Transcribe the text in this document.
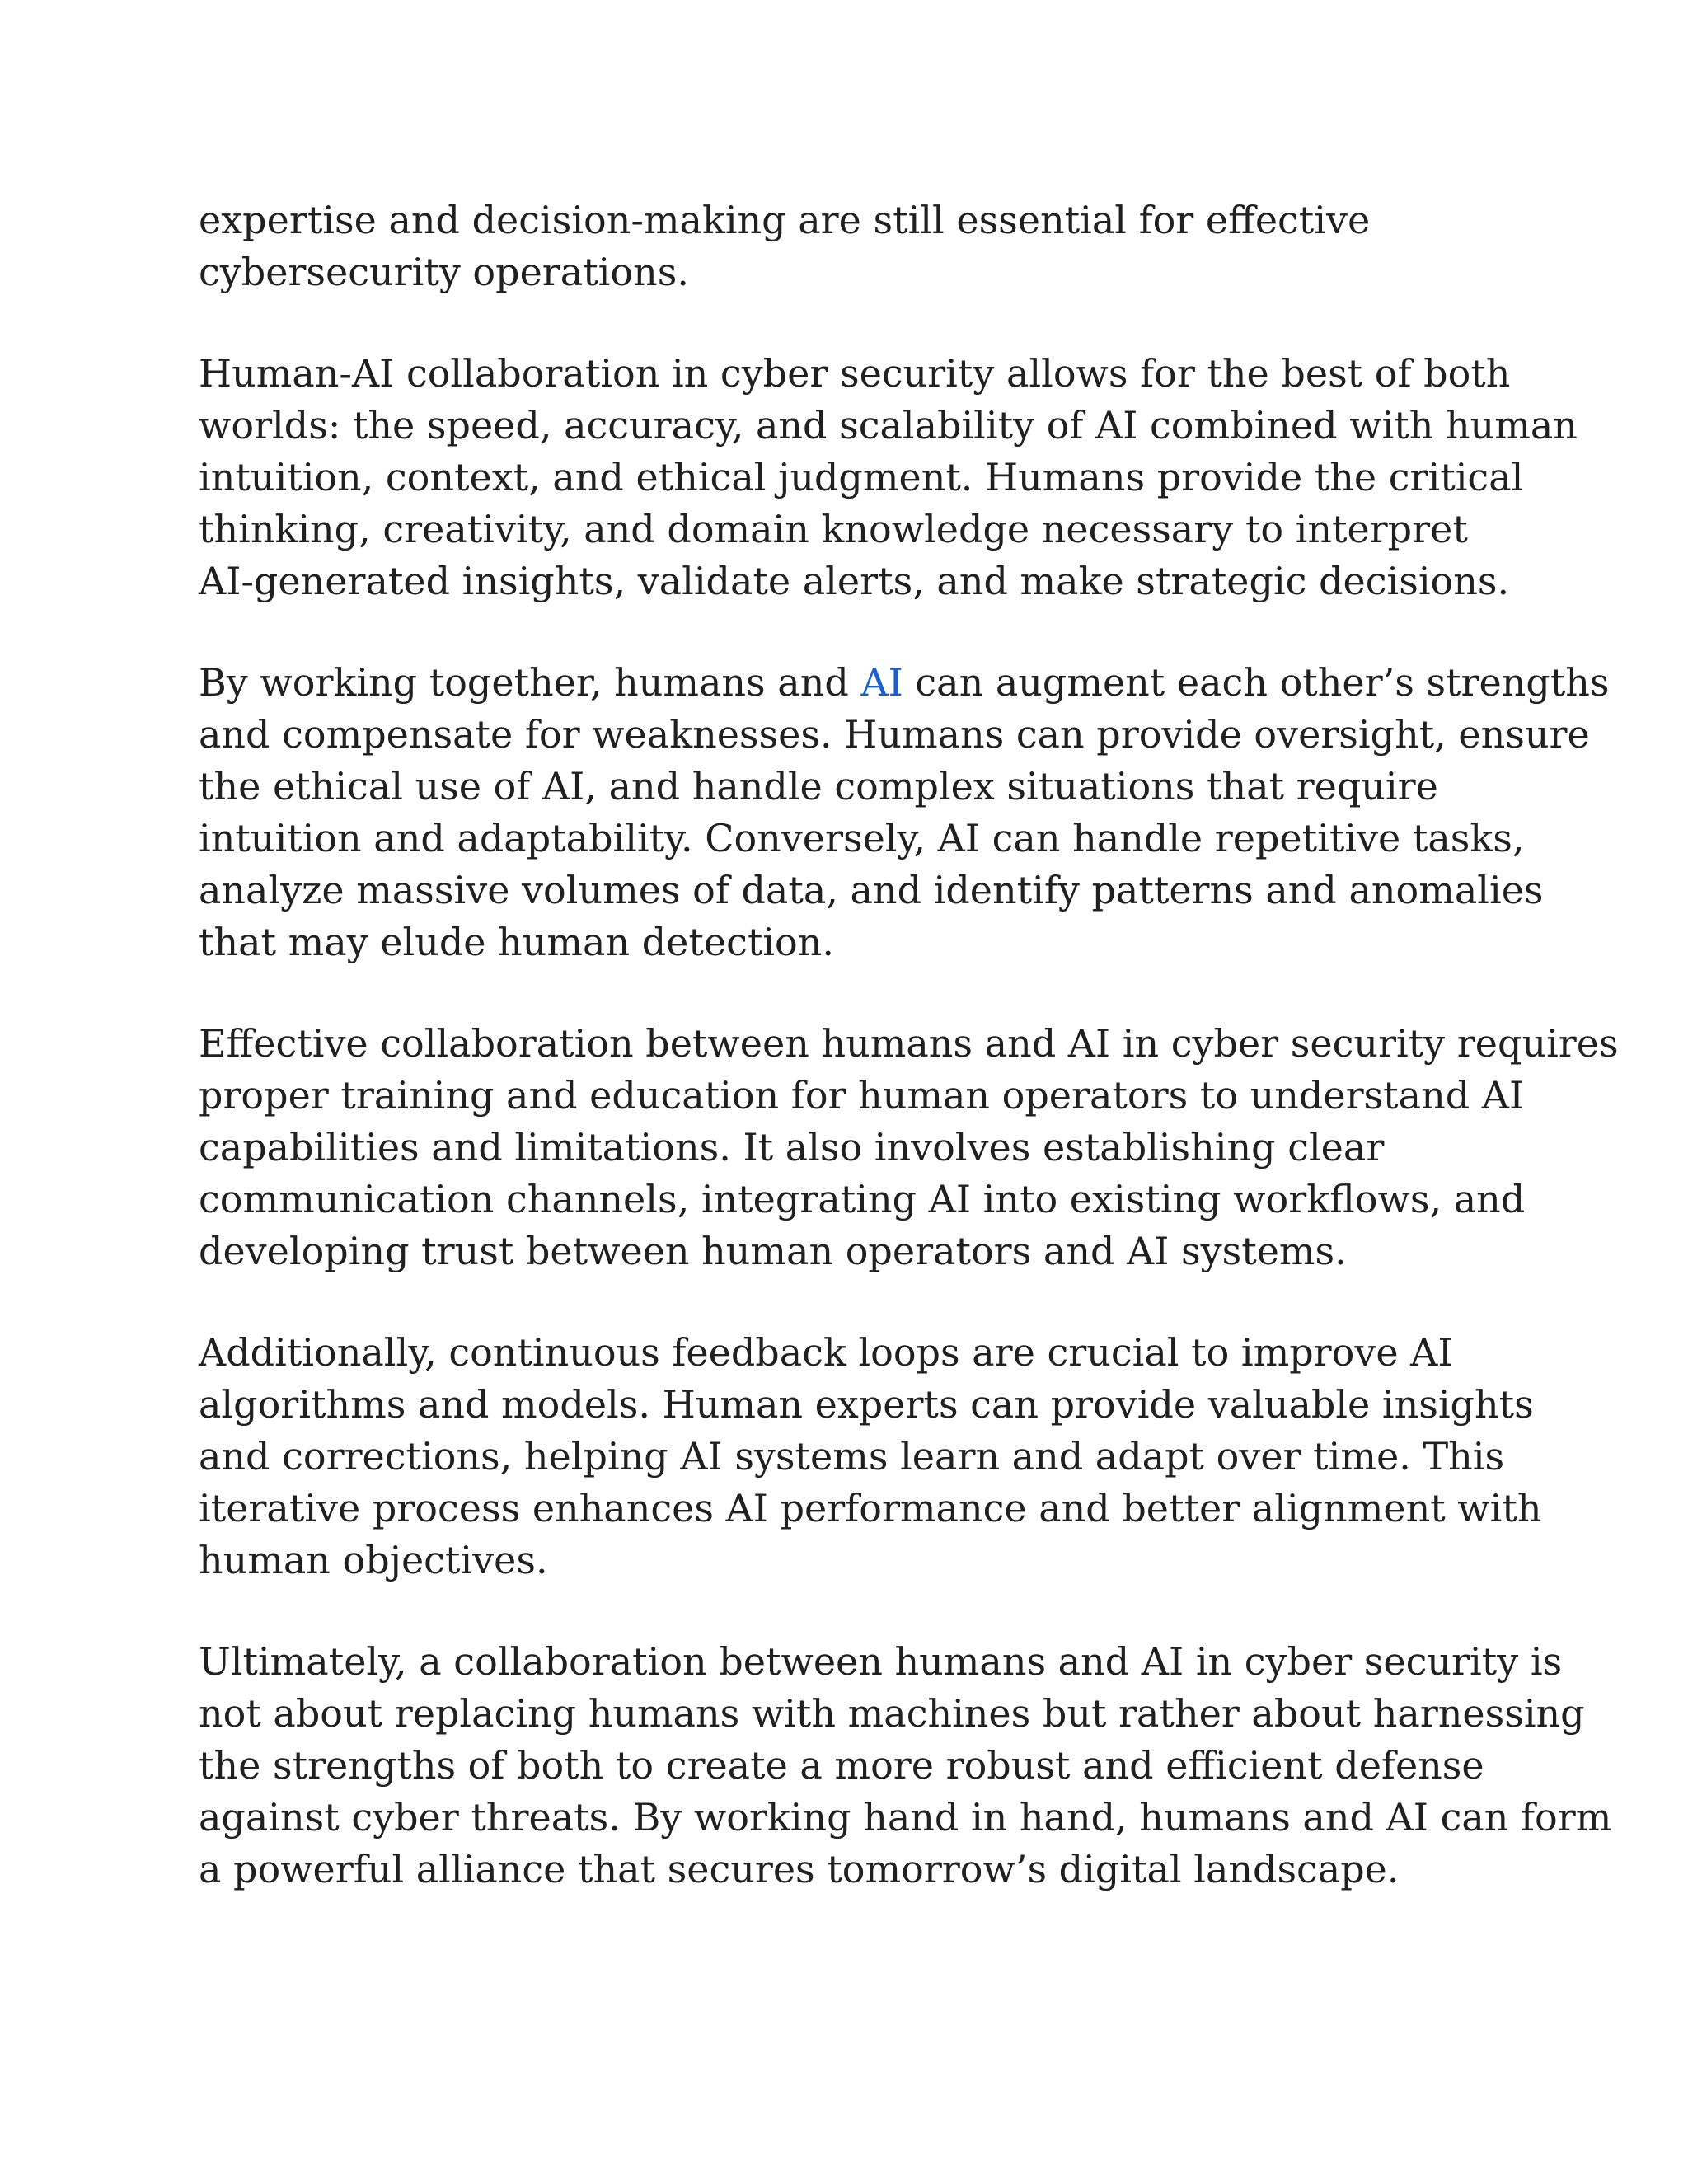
expertise and decision-making are still essential for effective
cybersecurity operations.

Human-AI collaboration in cyber security allows for the best of both
worlds: the speed, accuracy, and scalability of AI combined with human
intuition, context, and ethical judgment. Humans provide the critical
thinking, creativity, and domain knowledge necessary to interpret
AI-generated insights, validate alerts, and make strategic decisions.

By working together, humans and AI can augment each other’s strengths
and compensate for weaknesses. Humans can provide oversight, ensure
the ethical use of AI, and handle complex situations that require
intuition and adaptability. Conversely, AI can handle repetitive tasks,
analyze massive volumes of data, and identify patterns and anomalies
that may elude human detection.

Effective collaboration between humans and AI in cyber security requires
proper training and education for human operators to understand AI
capabilities and limitations. It also involves establishing clear
communication channels, integrating AI into existing workflows, and
developing trust between human operators and AI systems.

Additionally, continuous feedback loops are crucial to improve AI
algorithms and models. Human experts can provide valuable insights
and corrections, helping AI systems learn and adapt over time. This
iterative process enhances AI performance and better alignment with
human objectives.

Ultimately, a collaboration between humans and AI in cyber security is
not about replacing humans with machines but rather about harnessing
the strengths of both to create a more robust and efficient defense
against cyber threats. By working hand in hand, humans and AI can form
a powerful alliance that secures tomorrow’s digital landscape.
